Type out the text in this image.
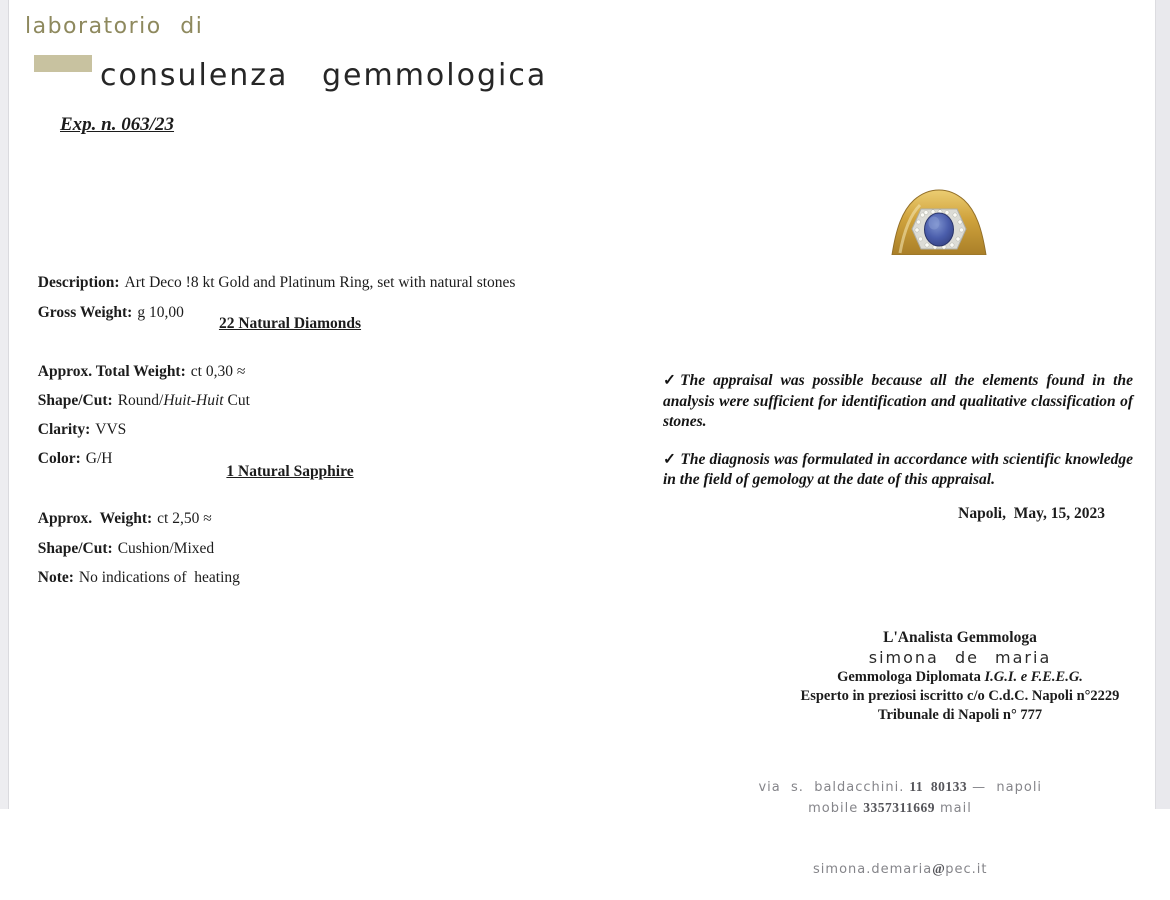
laboratorio di
consulenza gemmologica
Exp. n. 063/23

Description: Art Deco !8 kt Gold and Platinum Ring, set with natural stones

Gross Weight: g 10,00

22 Natural Diamonds

Approx. Total Weight: ct 0,30 ≈

Shape/Cut: Round/Huit-Huit Cut

Clarity: VVS

Color: G/H

1 Natural Sapphire

Approx.  Weight: ct 2,50 ≈

Shape/Cut: Cushion/Mixed

Note: No indications of  heating

✓The appraisal was possible because all the elements found in the analysis were sufficient for identification and qualitative classification of stones.

✓ The diagnosis was formulated in accordance with scientific knowledge in the field of gemology at the date of this appraisal.

Napoli,  May, 15, 2023
L'Analista Gemmologa
simona de maria
Gemmologa Diplomata I.G.I. e F.E.E.G.
Esperto in preziosi iscritto c/o C.d.C. Napoli n°2229
Tribunale di Napoli n° 777

via  s.  baldacchini. 11  80133 —  napoli  mobile 3357311669 mail

simona.demaria@pec.it
